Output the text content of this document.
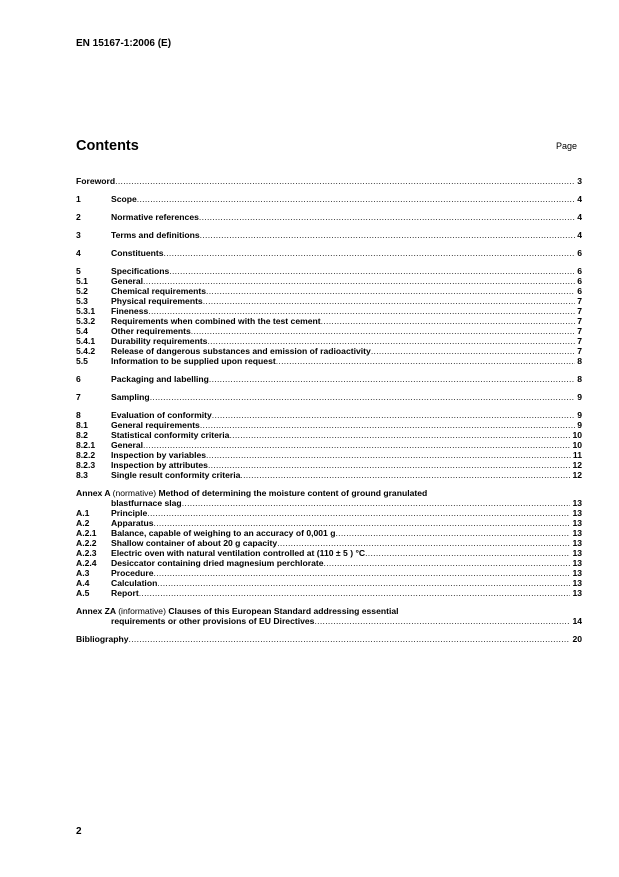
EN 15167-1:2006 (E)
Contents	Page
Foreword .....	3
1	Scope .....	4
2	Normative references .....	4
3	Terms and definitions .....	4
4	Constituents .....	6
5	Specifications .....	6
5.1	General .....	6
5.2	Chemical requirements .....	6
5.3	Physical requirements .....	7
5.3.1	Fineness .....	7
5.3.2	Requirements when combined with the test cement .....	7
5.4	Other requirements .....	7
5.4.1	Durability requirements .....	7
5.4.2	Release of dangerous substances and emission of radioactivity .....	7
5.5	Information to be supplied upon request .....	8
6	Packaging and labelling .....	8
7	Sampling .....	9
8	Evaluation of conformity .....	9
8.1	General requirements .....	9
8.2	Statistical conformity criteria .....	10
8.2.1	General .....	10
8.2.2	Inspection by variables .....	11
8.2.3	Inspection by attributes .....	12
8.3	Single result conformity criteria .....	12
Annex A (normative) Method of determining the moisture content of ground granulated
blastfurnace slag .....	13
A.1	Principle .....	13
A.2	Apparatus .....	13
A.2.1	Balance, capable of weighing to an accuracy of 0,001 g .....	13
A.2.2	Shallow container of about 20 g capacity .....	13
A.2.3	Electric oven with natural ventilation controlled at (110 ± 5 ) °C .....	13
A.2.4	Desiccator containing dried magnesium perchlorate .....	13
A.3	Procedure .....	13
A.4	Calculation .....	13
A.5	Report .....	13
Annex ZA (informative) Clauses of this European Standard addressing essential
requirements or other provisions of EU Directives .....	14
Bibliography .....	20
2
